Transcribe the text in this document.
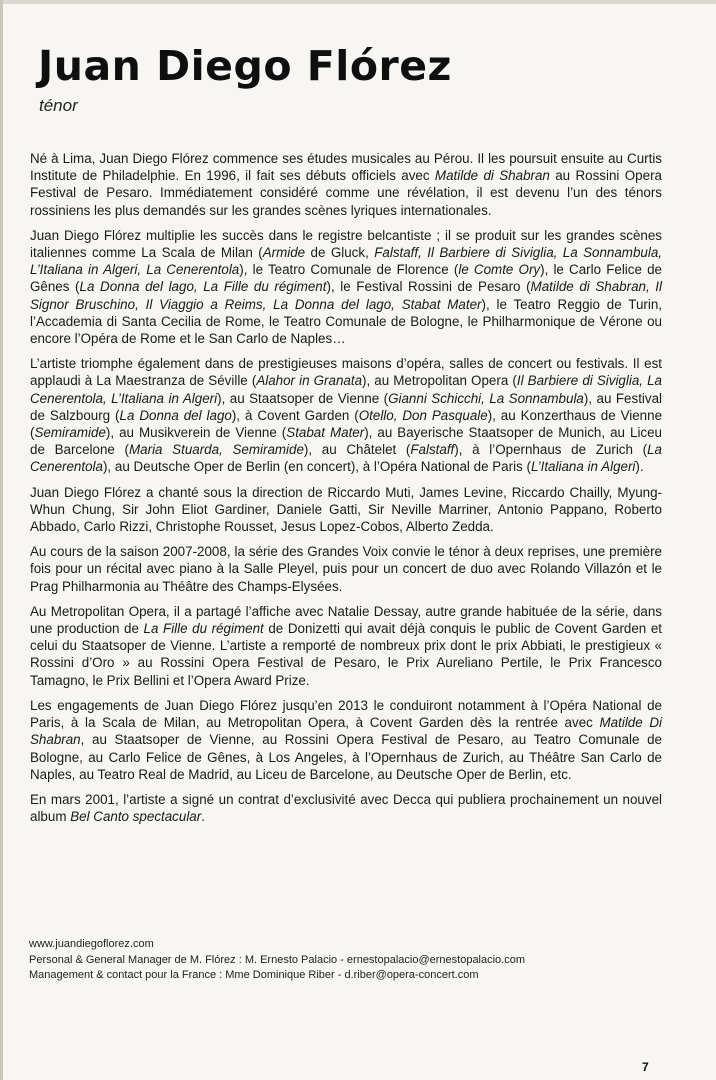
Juan Diego Flórez
ténor

Né à Lima, Juan Diego Flórez commence ses études musicales au Pérou. Il les poursuit ensuite au Curtis Institute de Philadelphie. En 1996, il fait ses débuts officiels avec Matilde di Shabran au Rossini Opera Festival de Pesaro. Immédiatement considéré comme une révélation, il est devenu l’un des ténors rossiniens les plus demandés sur les grandes scènes lyriques internationales.

Juan Diego Flórez multiplie les succès dans le registre belcantiste ; il se produit sur les grandes scènes italiennes comme La Scala de Milan (Armide de Gluck, Falstaff, Il Barbiere di Siviglia, La Sonnambula, L’Italiana in Algeri, La Cenerentola), le Teatro Comunale de Florence (le Comte Ory), le Carlo Felice de Gênes (La Donna del lago, La Fille du régiment), le Festival Rossini de Pesaro (Matilde di Shabran, Il Signor Bruschino, Il Viaggio a Reims, La Donna del lago, Stabat Mater), le Teatro Reggio de Turin, l’Accademia di Santa Cecilia de Rome, le Teatro Comunale de Bologne, le Philharmonique de Vérone ou encore l’Opéra de Rome et le San Carlo de Naples…

L’artiste triomphe également dans de prestigieuses maisons d’opéra, salles de concert ou festivals. Il est applaudi à La Maestranza de Séville (Alahor in Granata), au Metropolitan Opera (Il Barbiere di Siviglia, La Cenerentola, L’Italiana in Algeri), au Staatsoper de Vienne (Gianni Schicchi, La Sonnambula), au Festival de Salzbourg (La Donna del lago), à Covent Garden (Otello, Don Pasquale), au Konzerthaus de Vienne (Semiramide), au Musikverein de Vienne (Stabat Mater), au Bayerische Staatsoper de Munich, au Liceu de Barcelone (Maria Stuarda, Semiramide), au Châtelet (Falstaff), à l’Opernhaus de Zurich (La Cenerentola), au Deutsche Oper de Berlin (en concert), à l’Opéra National de Paris (L’Italiana in Algeri).

Juan Diego Flórez a chanté sous la direction de Riccardo Muti, James Levine, Riccardo Chailly, Myung-Whun Chung, Sir John Eliot Gardiner, Daniele Gatti, Sir Neville Marriner, Antonio Pappano, Roberto Abbado, Carlo Rizzi, Christophe Rousset, Jesus Lopez-Cobos, Alberto Zedda.

Au cours de la saison 2007-2008, la série des Grandes Voix convie le ténor à deux reprises, une première fois pour un récital avec piano à la Salle Pleyel, puis pour un concert de duo avec Rolando Villazón et le Prag Philharmonia au Théâtre des Champs-Elysées.

Au Metropolitan Opera, il a partagé l’affiche avec Natalie Dessay, autre grande habituée de la série, dans une production de La Fille du régiment de Donizetti qui avait déjà conquis le public de Covent Garden et celui du Staatsoper de Vienne. L’artiste a remporté de nombreux prix dont le prix Abbiati, le prestigieux « Rossini d’Oro » au Rossini Opera Festival de Pesaro, le Prix Aureliano Pertile, le Prix Francesco Tamagno, le Prix Bellini et l’Opera Award Prize.

Les engagements de Juan Diego Flórez jusqu’en 2013 le conduiront notamment à l’Opéra National de Paris, à la Scala de Milan, au Metropolitan Opera, à Covent Garden dès la rentrée avec Matilde Di Shabran, au Staatsoper de Vienne, au Rossini Opera Festival de Pesaro, au Teatro Comunale de Bologne, au Carlo Felice de Gênes, à Los Angeles, à l’Opernhaus de Zurich, au Théâtre San Carlo de Naples, au Teatro Real de Madrid, au Liceu de Barcelone, au Deutsche Oper de Berlin, etc.

En mars 2001, l’artiste a signé un contrat d’exclusivité avec Decca qui publiera prochainement un nouvel album Bel Canto spectacular.

www.juandiegoflorez.com
Personal & General Manager de M. Flórez : M. Ernesto Palacio - ernestopalacio@ernestopalacio.com
Management & contact pour la France : Mme Dominique Riber - d.riber@opera-concert.com
7
